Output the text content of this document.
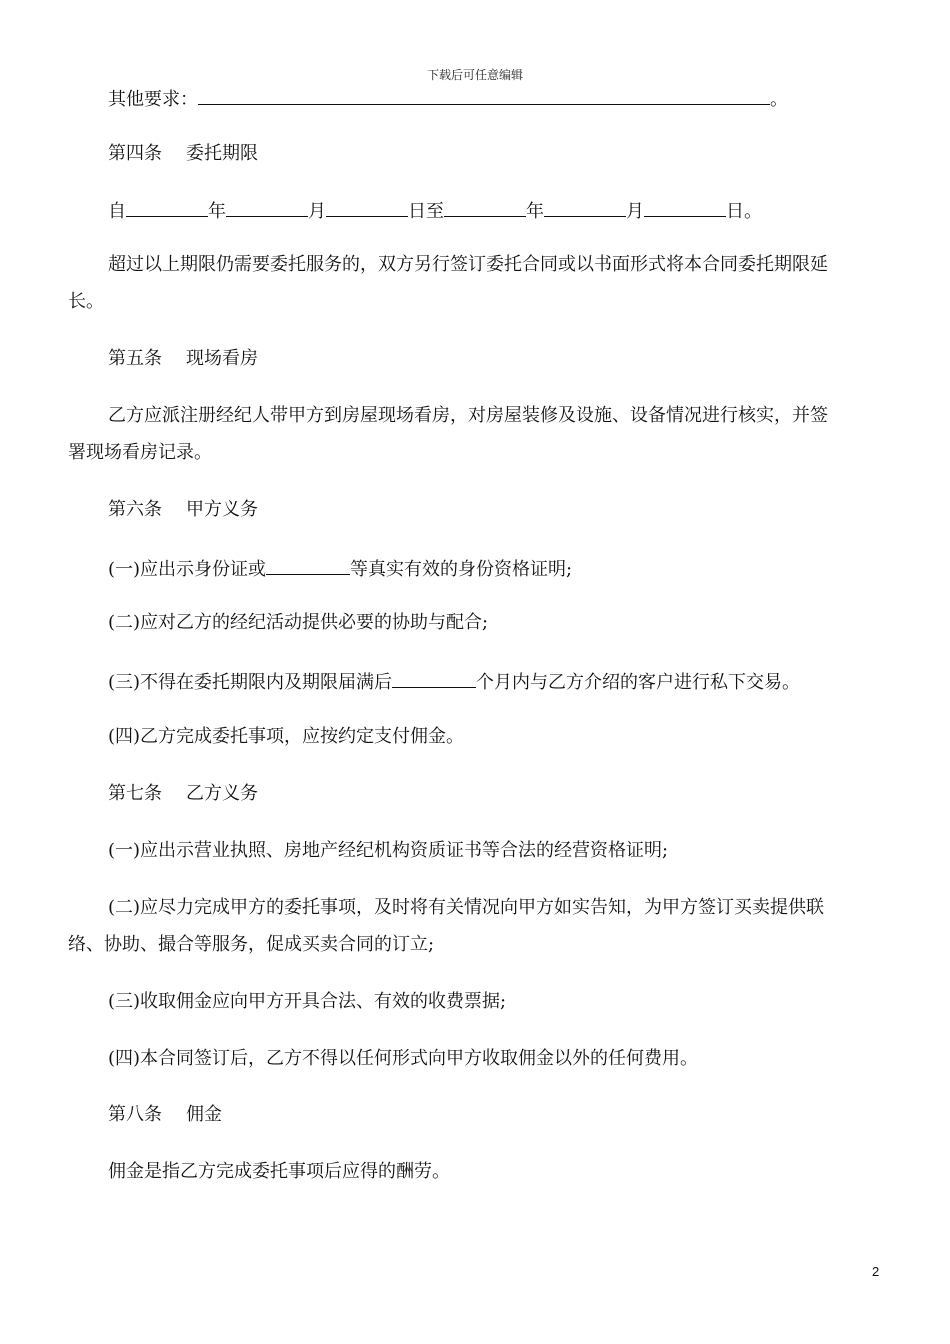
下载后可任意编辑
其他要求：	。
第四条 委托期限
自	年	月	日至	年	月	日。
超过以上期限仍需要委托服务的，双方另行签订委托合同或以书面形式将本合同委托期限延
长。
第五条 现场看房
乙方应派注册经纪人带甲方到房屋现场看房，对房屋装修及设施、设备情况进行核实，并签
署现场看房记录。
第六条 甲方义务
(一)应出示身份证或	等真实有效的身份资格证明;
(二)应对乙方的经纪活动提供必要的协助与配合;
(三)不得在委托期限内及期限届满后	个月内与乙方介绍的客户进行私下交易。
(四)乙方完成委托事项，应按约定支付佣金。
第七条 乙方义务
(一)应出示营业执照、房地产经纪机构资质证书等合法的经营资格证明;
(二)应尽力完成甲方的委托事项，及时将有关情况向甲方如实告知，为甲方签订买卖提供联
络、协助、撮合等服务，促成买卖合同的订立;
(三)收取佣金应向甲方开具合法、有效的收费票据;
(四)本合同签订后，乙方不得以任何形式向甲方收取佣金以外的任何费用。
第八条 佣金
佣金是指乙方完成委托事项后应得的酬劳。
2
